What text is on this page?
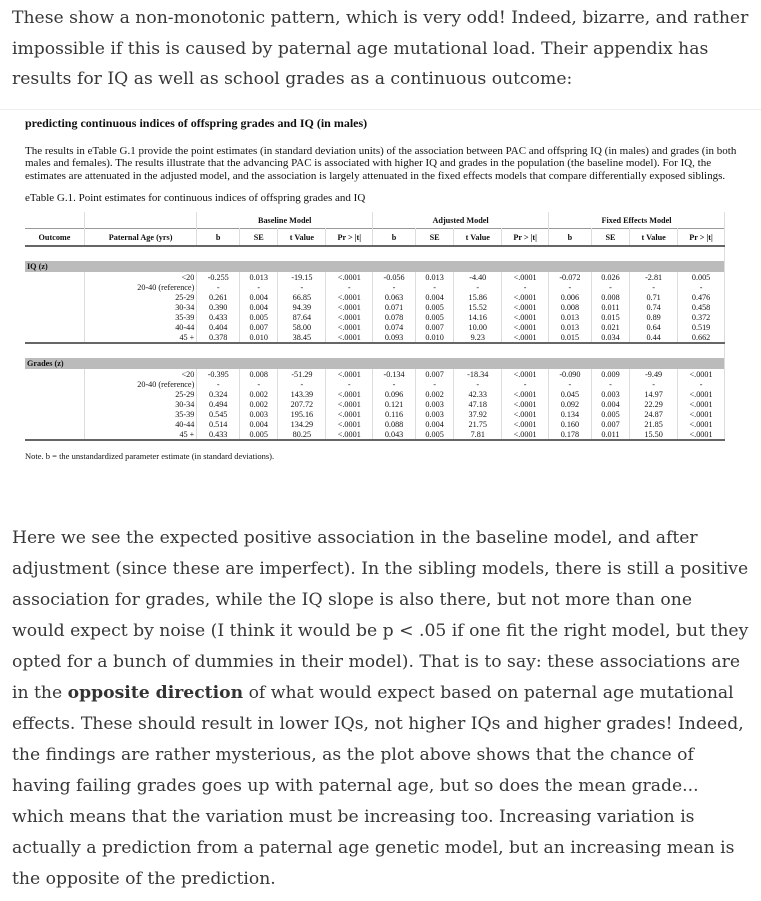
These show a non-monotonic pattern, which is very odd! Indeed, bizarre, and rather impossible if this is caused by paternal age mutational load. Their appendix has results for IQ as well as school grades as a continuous outcome:

predicting continuous indices of offspring grades and IQ (in males)

The results in eTable G.1 provide the point estimates (in standard deviation units) of the association between PAC and offspring IQ (in males) and grades (in both males and females). The results illustrate that the advancing PAC is associated with higher IQ and grades in the population (the baseline model). For IQ, the estimates are attenuated in the adjusted model, and the association is largely attenuated in the fixed effects models that compare differentially exposed siblings.

eTable G.1. Point estimates for continuous indices of offspring grades and IQ

		Baseline Model				Adjusted Model				Fixed Effects Model			
Outcome	Paternal Age (yrs)	b	SE	t Value	Pr > |t|	b	SE	t Value	Pr > |t|	b	SE	t Value	Pr > |t|

IQ (z)													
	<20	-0.255	0.013	-19.15	<.0001	-0.056	0.013	-4.40	<.0001	-0.072	0.026	-2.81	0.005
	20-40 (reference)	-	-	-	-	-	-	-	-	-	-	-	-
	25-29	0.261	0.004	66.85	<.0001	0.063	0.004	15.86	<.0001	0.006	0.008	0.71	0.476
	30-34	0.390	0.004	94.39	<.0001	0.071	0.005	15.52	<.0001	0.008	0.011	0.74	0.458
	35-39	0.433	0.005	87.64	<.0001	0.078	0.005	14.16	<.0001	0.013	0.015	0.89	0.372
	40-44	0.404	0.007	58.00	<.0001	0.074	0.007	10.00	<.0001	0.013	0.021	0.64	0.519
	45 +	0.378	0.010	38.45	<.0001	0.093	0.010	9.23	<.0001	0.015	0.034	0.44	0.662

Grades (z)													
	<20	-0.395	0.008	-51.29	<.0001	-0.134	0.007	-18.34	<.0001	-0.090	0.009	-9.49	<.0001
	20-40 (reference)	-	-	-	-	-	-	-	-	-	-	-	-
	25-29	0.324	0.002	143.39	<.0001	0.096	0.002	42.33	<.0001	0.045	0.003	14.97	<.0001
	30-34	0.494	0.002	207.72	<.0001	0.121	0.003	47.18	<.0001	0.092	0.004	22.29	<.0001
	35-39	0.545	0.003	195.16	<.0001	0.116	0.003	37.92	<.0001	0.134	0.005	24.87	<.0001
	40-44	0.514	0.004	134.29	<.0001	0.088	0.004	21.75	<.0001	0.160	0.007	21.85	<.0001
	45 +	0.433	0.005	80.25	<.0001	0.043	0.005	7.81	<.0001	0.178	0.011	15.50	<.0001
Note. b = the unstandardized parameter estimate (in standard deviations).

Here we see the expected positive association in the baseline model, and after adjustment (since these are imperfect). In the sibling models, there is still a positive association for grades, while the IQ slope is also there, but not more than one would expect by noise (I think it would be p < .05 if one fit the right model, but they opted for a bunch of dummies in their model). That is to say: these associations are in the opposite direction of what would expect based on paternal age mutational effects. These should result in lower IQs, not higher IQs and higher grades! Indeed, the findings are rather mysterious, as the plot above shows that the chance of having failing grades goes up with paternal age, but so does the mean grade... which means that the variation must be increasing too. Increasing variation is actually a prediction from a paternal age genetic model, but an increasing mean is the opposite of the prediction.
